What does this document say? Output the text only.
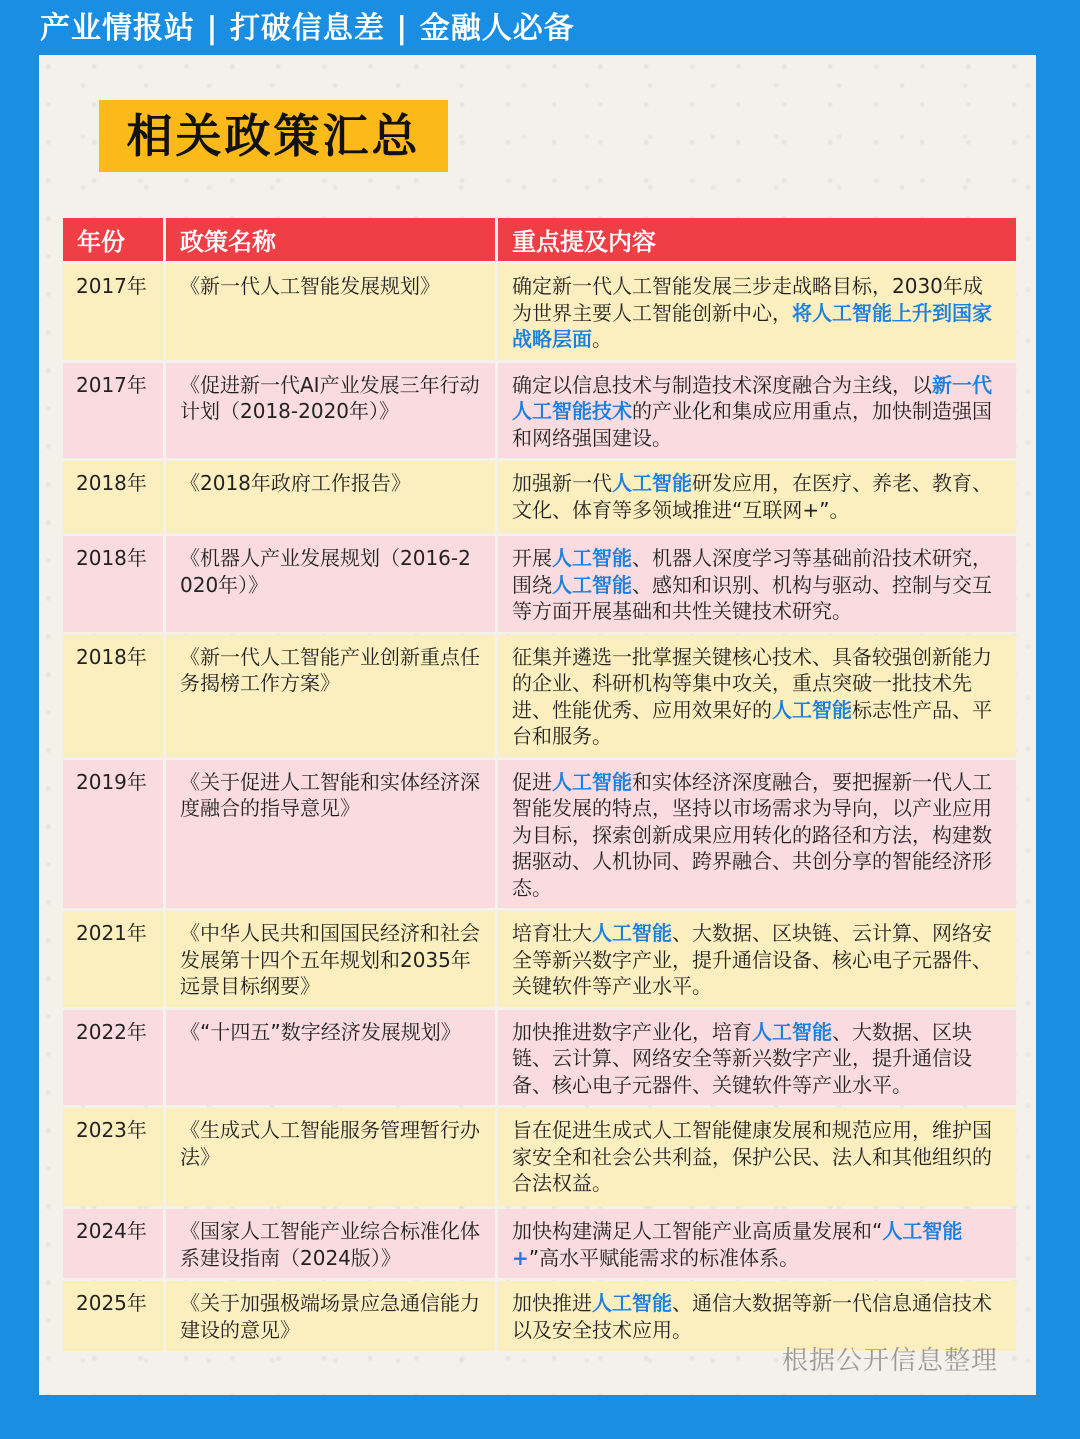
产业情报站 | 打破信息差 | 金融人必备
相关政策汇总
年份	政策名称	重点提及内容
2017年	《新一代人工智能发展规划》	确定新一代人工智能发展三步走战略目标，2030年成为世界主要人工智能创新中心，将人工智能上升到国家战略层面。
2017年	《促进新一代AI产业发展三年行动计划（2018-2020年）》	确定以信息技术与制造技术深度融合为主线，以新一代人工智能技术的产业化和集成应用重点，加快制造强国和网络强国建设。
2018年	《2018年政府工作报告》	加强新一代人工智能研发应用，在医疗、养老、教育、文化、体育等多领域推进“互联网+”。
2018年	《机器人产业发展规划（2016-2020年）》	开展人工智能、机器人深度学习等基础前沿技术研究，围绕人工智能、感知和识别、机构与驱动、控制与交互等方面开展基础和共性关键技术研究。
2018年	《新一代人工智能产业创新重点任务揭榜工作方案》	征集并遴选一批掌握关键核心技术、具备较强创新能力的企业、科研机构等集中攻关，重点突破一批技术先进、性能优秀、应用效果好的人工智能标志性产品、平台和服务。
2019年	《关于促进人工智能和实体经济深度融合的指导意见》	促进人工智能和实体经济深度融合，要把握新一代人工智能发展的特点，坚持以市场需求为导向，以产业应用为目标，探索创新成果应用转化的路径和方法，构建数据驱动、人机协同、跨界融合、共创分享的智能经济形态。
2021年	《中华人民共和国国民经济和社会发展第十四个五年规划和2035年远景目标纲要》	培育壮大人工智能、大数据、区块链、云计算、网络安全等新兴数字产业，提升通信设备、核心电子元器件、关键软件等产业水平。
2022年	《“十四五”数字经济发展规划》	加快推进数字产业化，培育人工智能、大数据、区块链、云计算、网络安全等新兴数字产业，提升通信设备、核心电子元器件、关键软件等产业水平。
2023年	《生成式人工智能服务管理暂行办法》	旨在促进生成式人工智能健康发展和规范应用，维护国家安全和社会公共利益，保护公民、法人和其他组织的合法权益。
2024年	《国家人工智能产业综合标准化体系建设指南（2024版）》	加快构建满足人工智能产业高质量发展和“人工智能+”高水平赋能需求的标准体系。
2025年	《关于加强极端场景应急通信能力建设的意见》	加快推进人工智能、通信大数据等新一代信息通信技术以及安全技术应用。
根据公开信息整理
